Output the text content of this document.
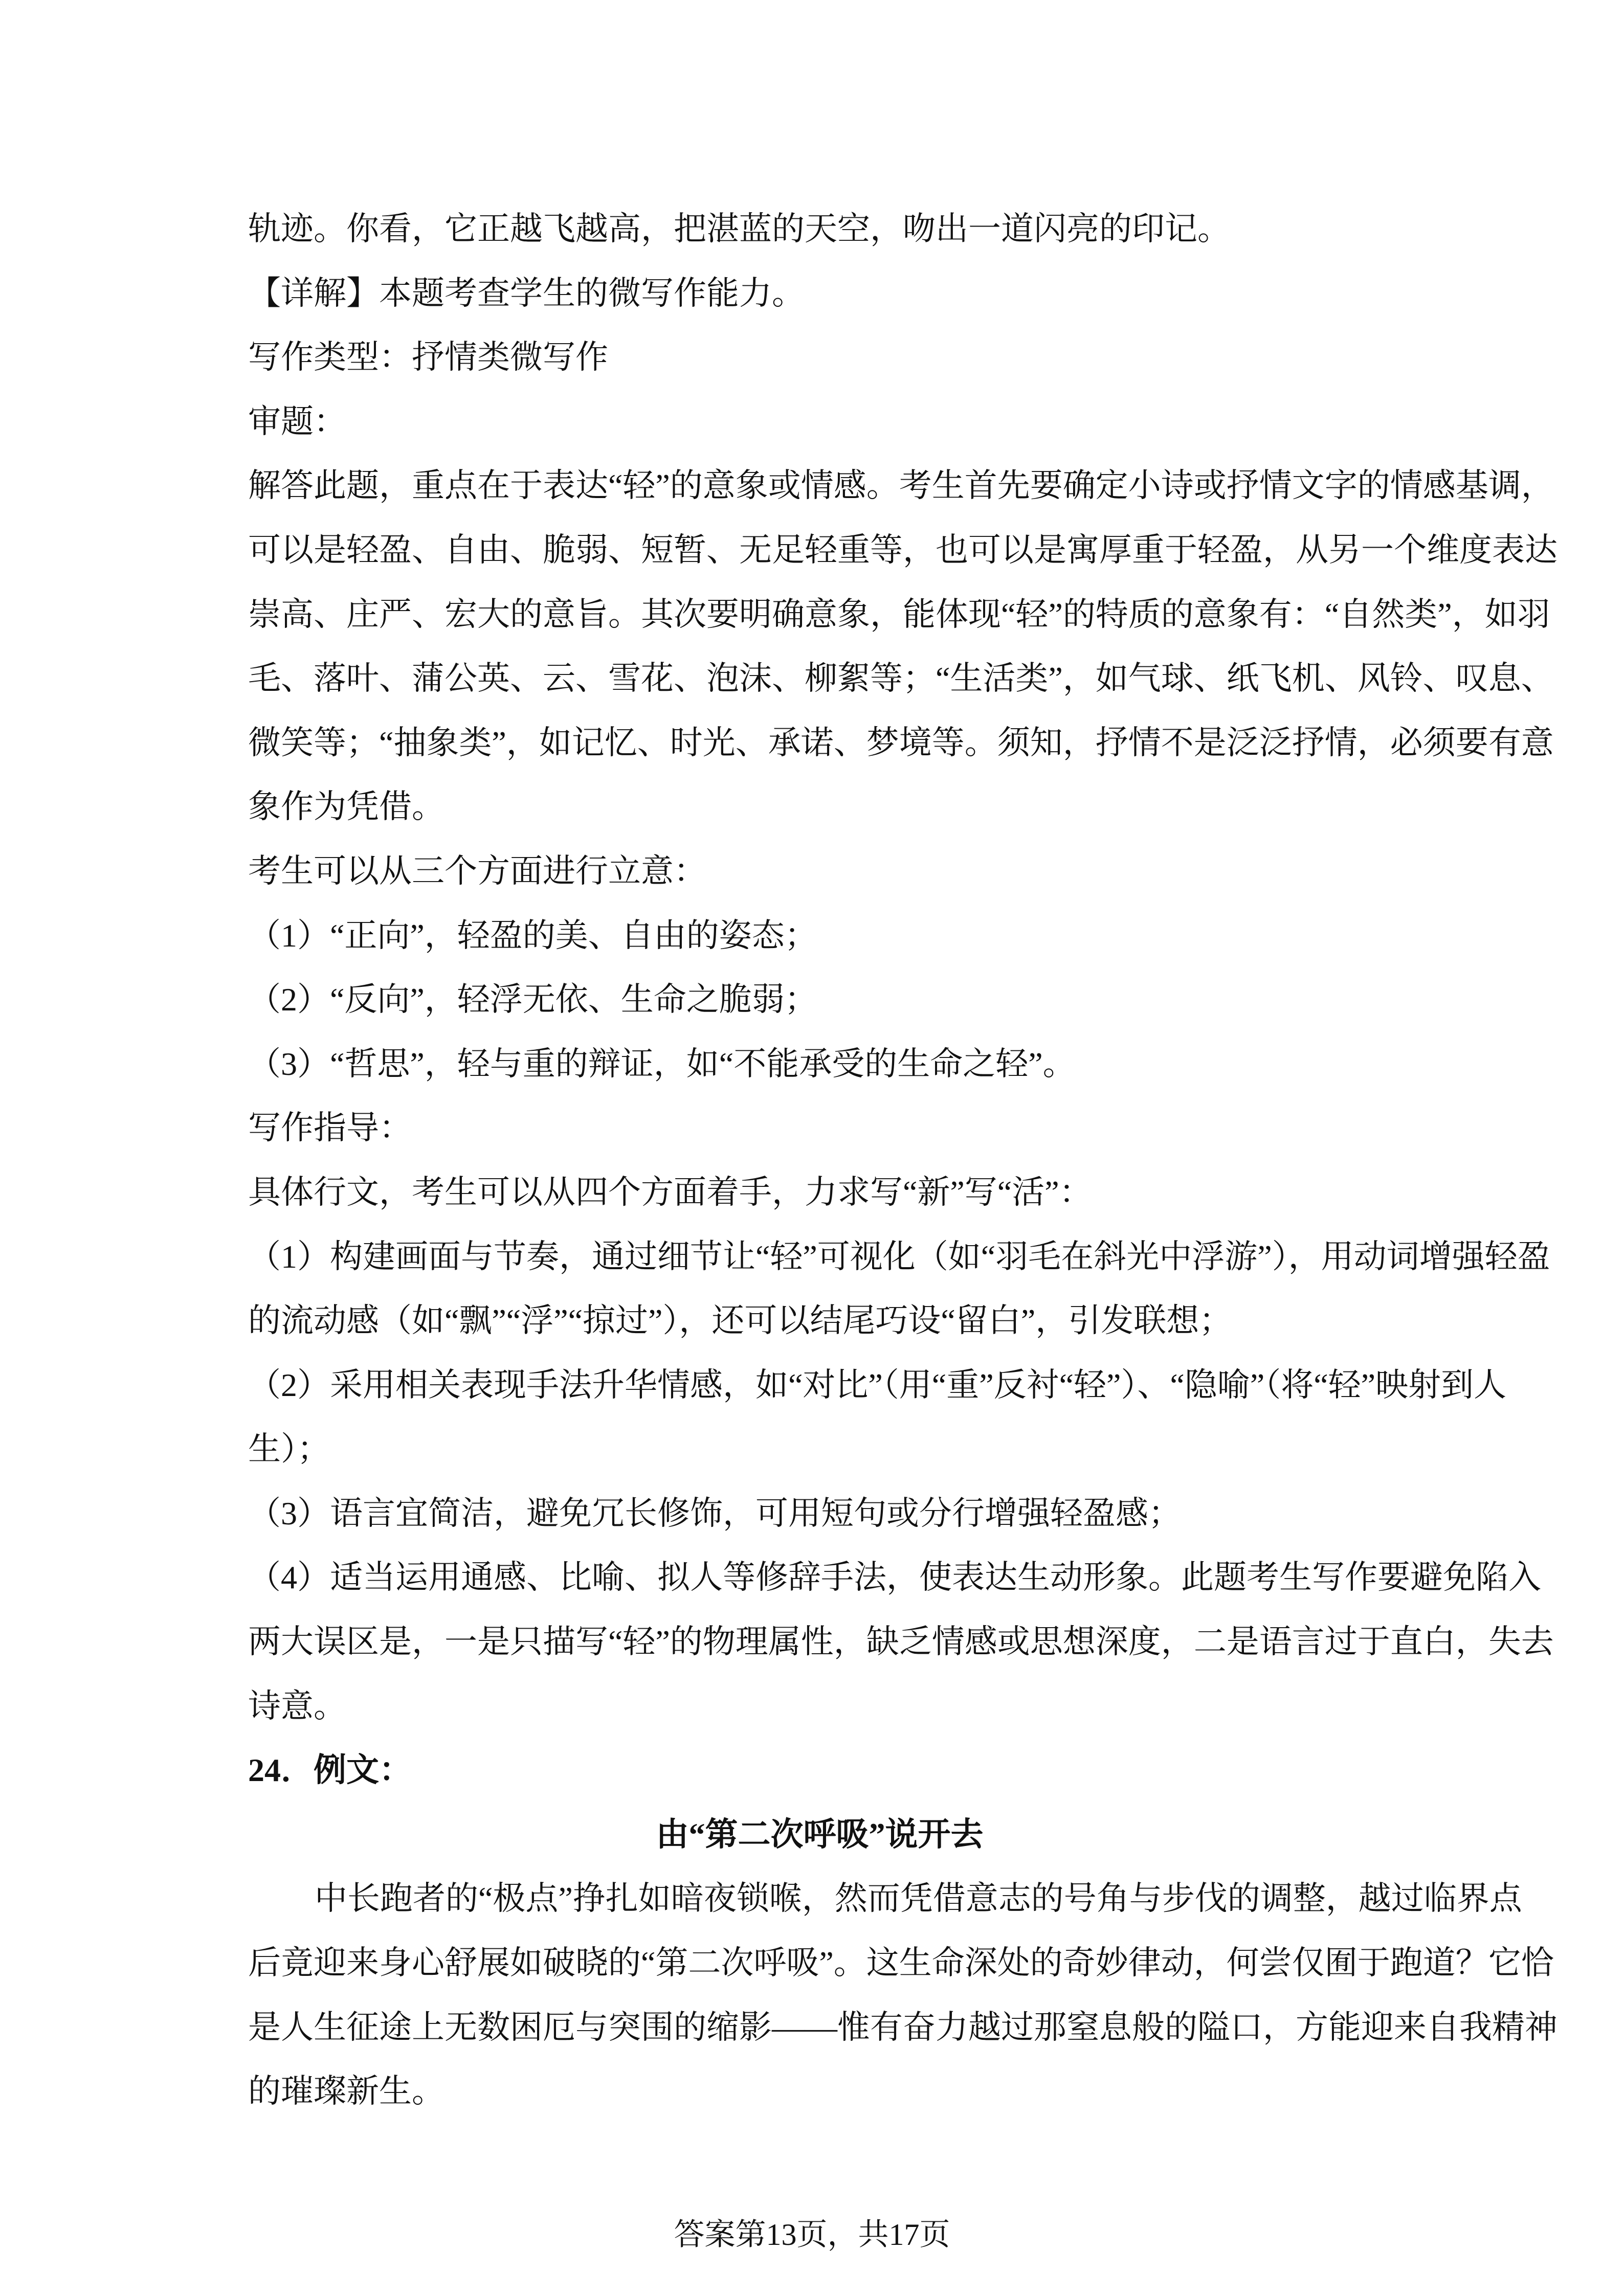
轨迹。你看，它正越飞越高，把湛蓝的天空，吻出一道闪亮的印记。
【详解】本题考查学生的微写作能力。
写作类型：抒情类微写作
审题：
解答此题，重点在于表达“轻”的意象或情感。考生首先要确定小诗或抒情文字的情感基调，
可以是轻盈、自由、脆弱、短暂、无足轻重等，也可以是寓厚重于轻盈，从另一个维度表达
崇高、庄严、宏大的意旨。其次要明确意象，能体现“轻”的特质的意象有：“自然类”，如羽
毛、落叶、蒲公英、云、雪花、泡沫、柳絮等；“生活类”，如气球、纸飞机、风铃、叹息、
微笑等；“抽象类”，如记忆、时光、承诺、梦境等。须知，抒情不是泛泛抒情，必须要有意
象作为凭借。
考生可以从三个方面进行立意：
（1）“正向”，轻盈的美、自由的姿态；
（2）“反向”，轻浮无依、生命之脆弱；
（3）“哲思”，轻与重的辩证，如“不能承受的生命之轻”。
写作指导：
具体行文，考生可以从四个方面着手，力求写“新”写“活”：
（1）构建画面与节奏，通过细节让“轻”可视化（如“羽毛在斜光中浮游”），用动词增强轻盈
的流动感（如“飘”“浮”“掠过”），还可以结尾巧设“留白”，引发联想；
（2）采用相关表现手法升华情感，如“对比”（用“重”反衬“轻”）、“隐喻”（将“轻”映射到人
生）；
（3）语言宜简洁，避免冗长修饰，可用短句或分行增强轻盈感；
（4）适当运用通感、比喻、拟人等修辞手法，使表达生动形象。此题考生写作要避免陷入
两大误区是，一是只描写“轻”的物理属性，缺乏情感或思想深度，二是语言过于直白，失去
诗意。
24．例文：
由“第二次呼吸”说开去
中长跑者的“极点”挣扎如暗夜锁喉，然而凭借意志的号角与步伐的调整，越过临界点
后竟迎来身心舒展如破晓的“第二次呼吸”。这生命深处的奇妙律动，何尝仅囿于跑道？它恰
是人生征途上无数困厄与突围的缩影——惟有奋力越过那窒息般的隘口，方能迎来自我精神
的璀璨新生。
答案第13页，共17页
